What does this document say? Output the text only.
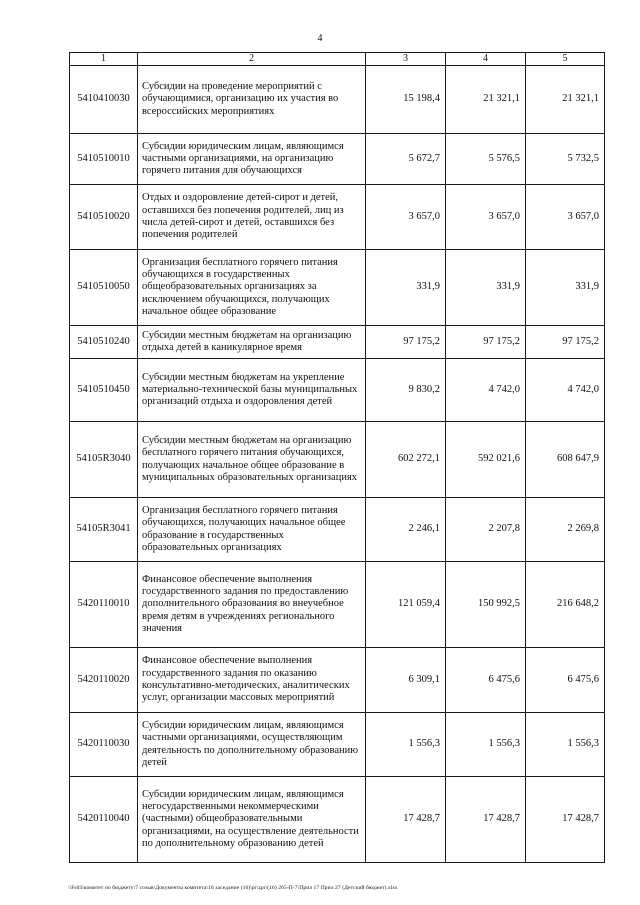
4
1	2	3	4	5
5410410030	Субсидии на проведение мероприятий с обучающимися, организацию их участия во всероссийских мероприятиях	15 198,4	21 321,1	21 321,1
5410510010	Субсидии юридическим лицам, являющимся частными организациями, на организацию горячего питания для обучающихся	5 672,7	5 576,5	5 732,5
5410510020	Отдых и оздоровление детей-сирот и детей, оставшихся без попечения родителей, лиц из числа детей-сирот и детей, оставшихся без попечения родителей	3 657,0	3 657,0	3 657,0
5410510050	Организация бесплатного горячего питания обучающихся в государственных общеобразовательных организациях за исключением обучающихся, получающих начальное общее образование	331,9	331,9	331,9
5410510240	Субсидии местным бюджетам на организацию отдыха детей в каникулярное время	97 175,2	97 175,2	97 175,2
5410510450	Субсидии местным бюджетам на укрепление материально-технической базы муниципальных организаций отдыха и оздоровления детей	9 830,2	4 742,0	4 742,0
54105R3040	Субсидии местным бюджетам на организацию бесплатного горячего питания обучающихся, получающих начальное общее образование в муниципальных образовательных организациях	602 272,1	592 021,6	608 647,9
54105R3041	Организация бесплатного горячего питания обучающихся, получающих начальное общее образование в государственных образовательных организациях	2 246,1	2 207,8	2 269,8
5420110010	Финансовое обеспечение выполнения государственного задания по предоставлению дополнительного образования во внеучебное время детям в учреждениях регионального значения	121 059,4	150 992,5	216 648,2
5420110020	Финансовое обеспечение выполнения государственного задания по оказанию консультативно-методических, аналитических услуг, организации массовых мероприятий	6 309,1	6 475,6	6 475,6
5420110030	Субсидии юридическим лицам, являющимся частными организациями, осуществляющим деятельность по дополнительному образованию детей	1 556,3	1 556,3	1 556,3
5420110040	Субсидии юридическим лицам, являющимся негосударственными некоммерческими (частными) общеобразовательными организациями, на осуществление деятельности по дополнительному образованию детей	17 428,7	17 428,7	17 428,7
\\Fs03\комитет по бюджету\7 созыв\Документы комитета\16 заседание (16)\pr\zpr\(16) 265-П-7\Прил 17 Прил 27 (Детский бюджет).xlsx
